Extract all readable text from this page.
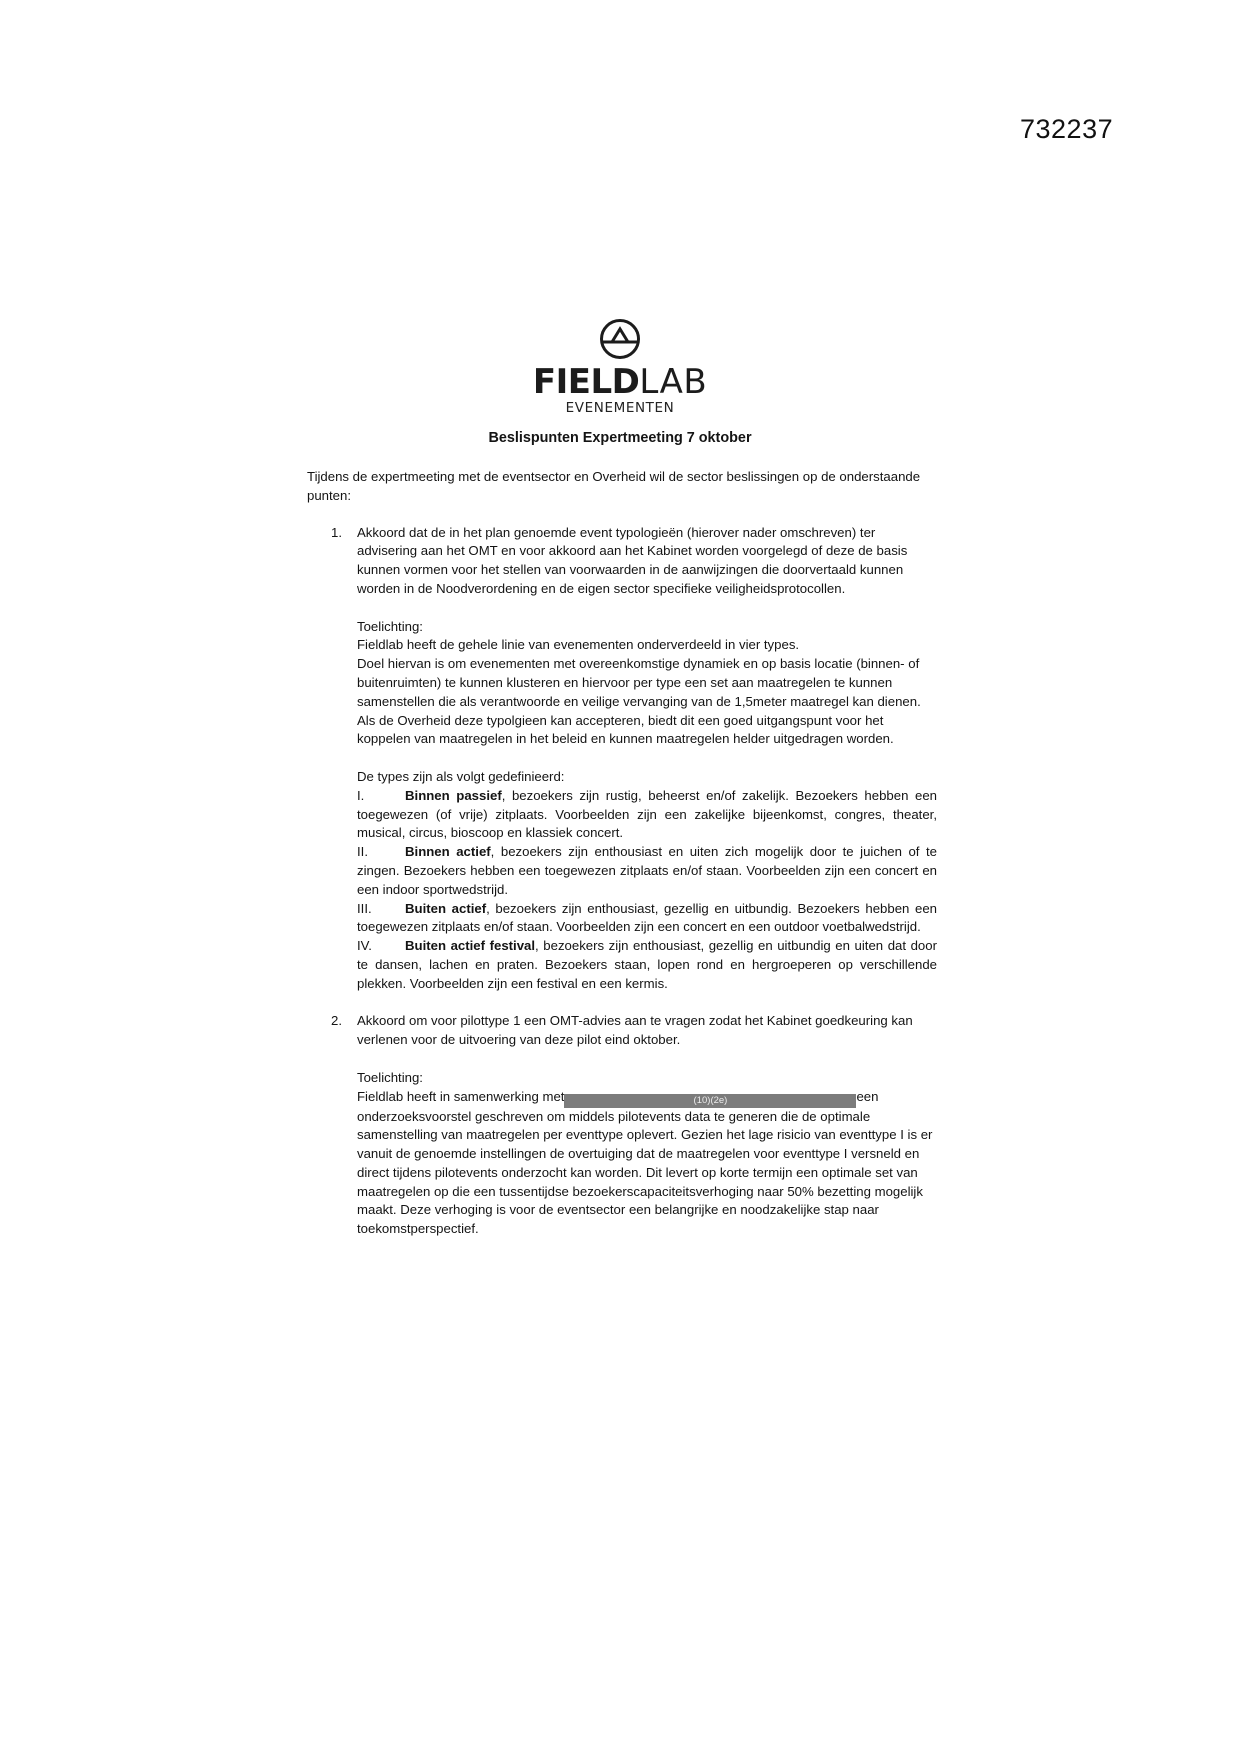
732237
FIELDLAB
EVENEMENTEN
Beslispunten Expertmeeting 7 oktober

Tijdens de expertmeeting met de eventsector en Overheid wil de sector beslissingen op de onderstaande punten:

1. Akkoord dat de in het plan genoemde event typologieën (hierover nader omschreven) ter advisering aan het OMT en voor akkoord aan het Kabinet worden voorgelegd of deze de basis kunnen vormen voor het stellen van voorwaarden in de aanwijzingen die doorvertaald kunnen worden in de Noodverordening en de eigen sector specifieke veiligheidsprotocollen.

Toelichting:

Fieldlab heeft de gehele linie van evenementen onderverdeeld in vier types.

Doel hiervan is om evenementen met overeenkomstige dynamiek en op basis locatie (binnen- of buitenruimten) te kunnen klusteren en hiervoor per type een set aan maatregelen te kunnen samenstellen die als verantwoorde en veilige vervanging van de 1,5meter maatregel kan dienen.

Als de Overheid deze typolgieen kan accepteren, biedt dit een goed uitgangspunt voor het koppelen van maatregelen in het beleid en kunnen maatregelen helder uitgedragen worden.

De types zijn als volgt gedefinieerd:

I.	Binnen passief, bezoekers zijn rustig, beheerst en/of zakelijk. Bezoekers hebben een toegewezen (of vrije) zitplaats. Voorbeelden zijn een zakelijke bijeenkomst, congres, theater, musical, circus, bioscoop en klassiek concert.

II.	Binnen actief, bezoekers zijn enthousiast en uiten zich mogelijk door te juichen of te zingen. Bezoekers hebben een toegewezen zitplaats en/of staan. Voorbeelden zijn een concert en een indoor sportwedstrijd.

III.	Buiten actief, bezoekers zijn enthousiast, gezellig en uitbundig. Bezoekers hebben een toegewezen zitplaats en/of staan. Voorbeelden zijn een concert en een outdoor voetbalwedstrijd.

IV.	Buiten actief festival, bezoekers zijn enthousiast, gezellig en uitbundig en uiten dat door te dansen, lachen en praten. Bezoekers staan, lopen rond en hergroeperen op verschillende plekken. Voorbeelden zijn een festival en een kermis.

2. Akkoord om voor pilottype 1 een OMT-advies aan te vragen zodat het Kabinet goedkeuring kan verlenen voor de uitvoering van deze pilot eind oktober.

Toelichting:

Fieldlab heeft in samenwerking met	(10)(2e)	een onderzoeksvoorstel geschreven om middels pilotevents data te generen die de optimale samenstelling van maatregelen per eventtype oplevert. Gezien het lage risicio van eventtype I is er vanuit de genoemde instellingen de overtuiging dat de maatregelen voor eventtype I versneld en direct tijdens pilotevents onderzocht kan worden. Dit levert op korte termijn een optimale set van maatregelen op die een tussentijdse bezoekerscapaciteitsverhoging naar 50% bezetting mogelijk maakt. Deze verhoging is voor de eventsector een belangrijke en noodzakelijke stap naar toekomstperspectief.
